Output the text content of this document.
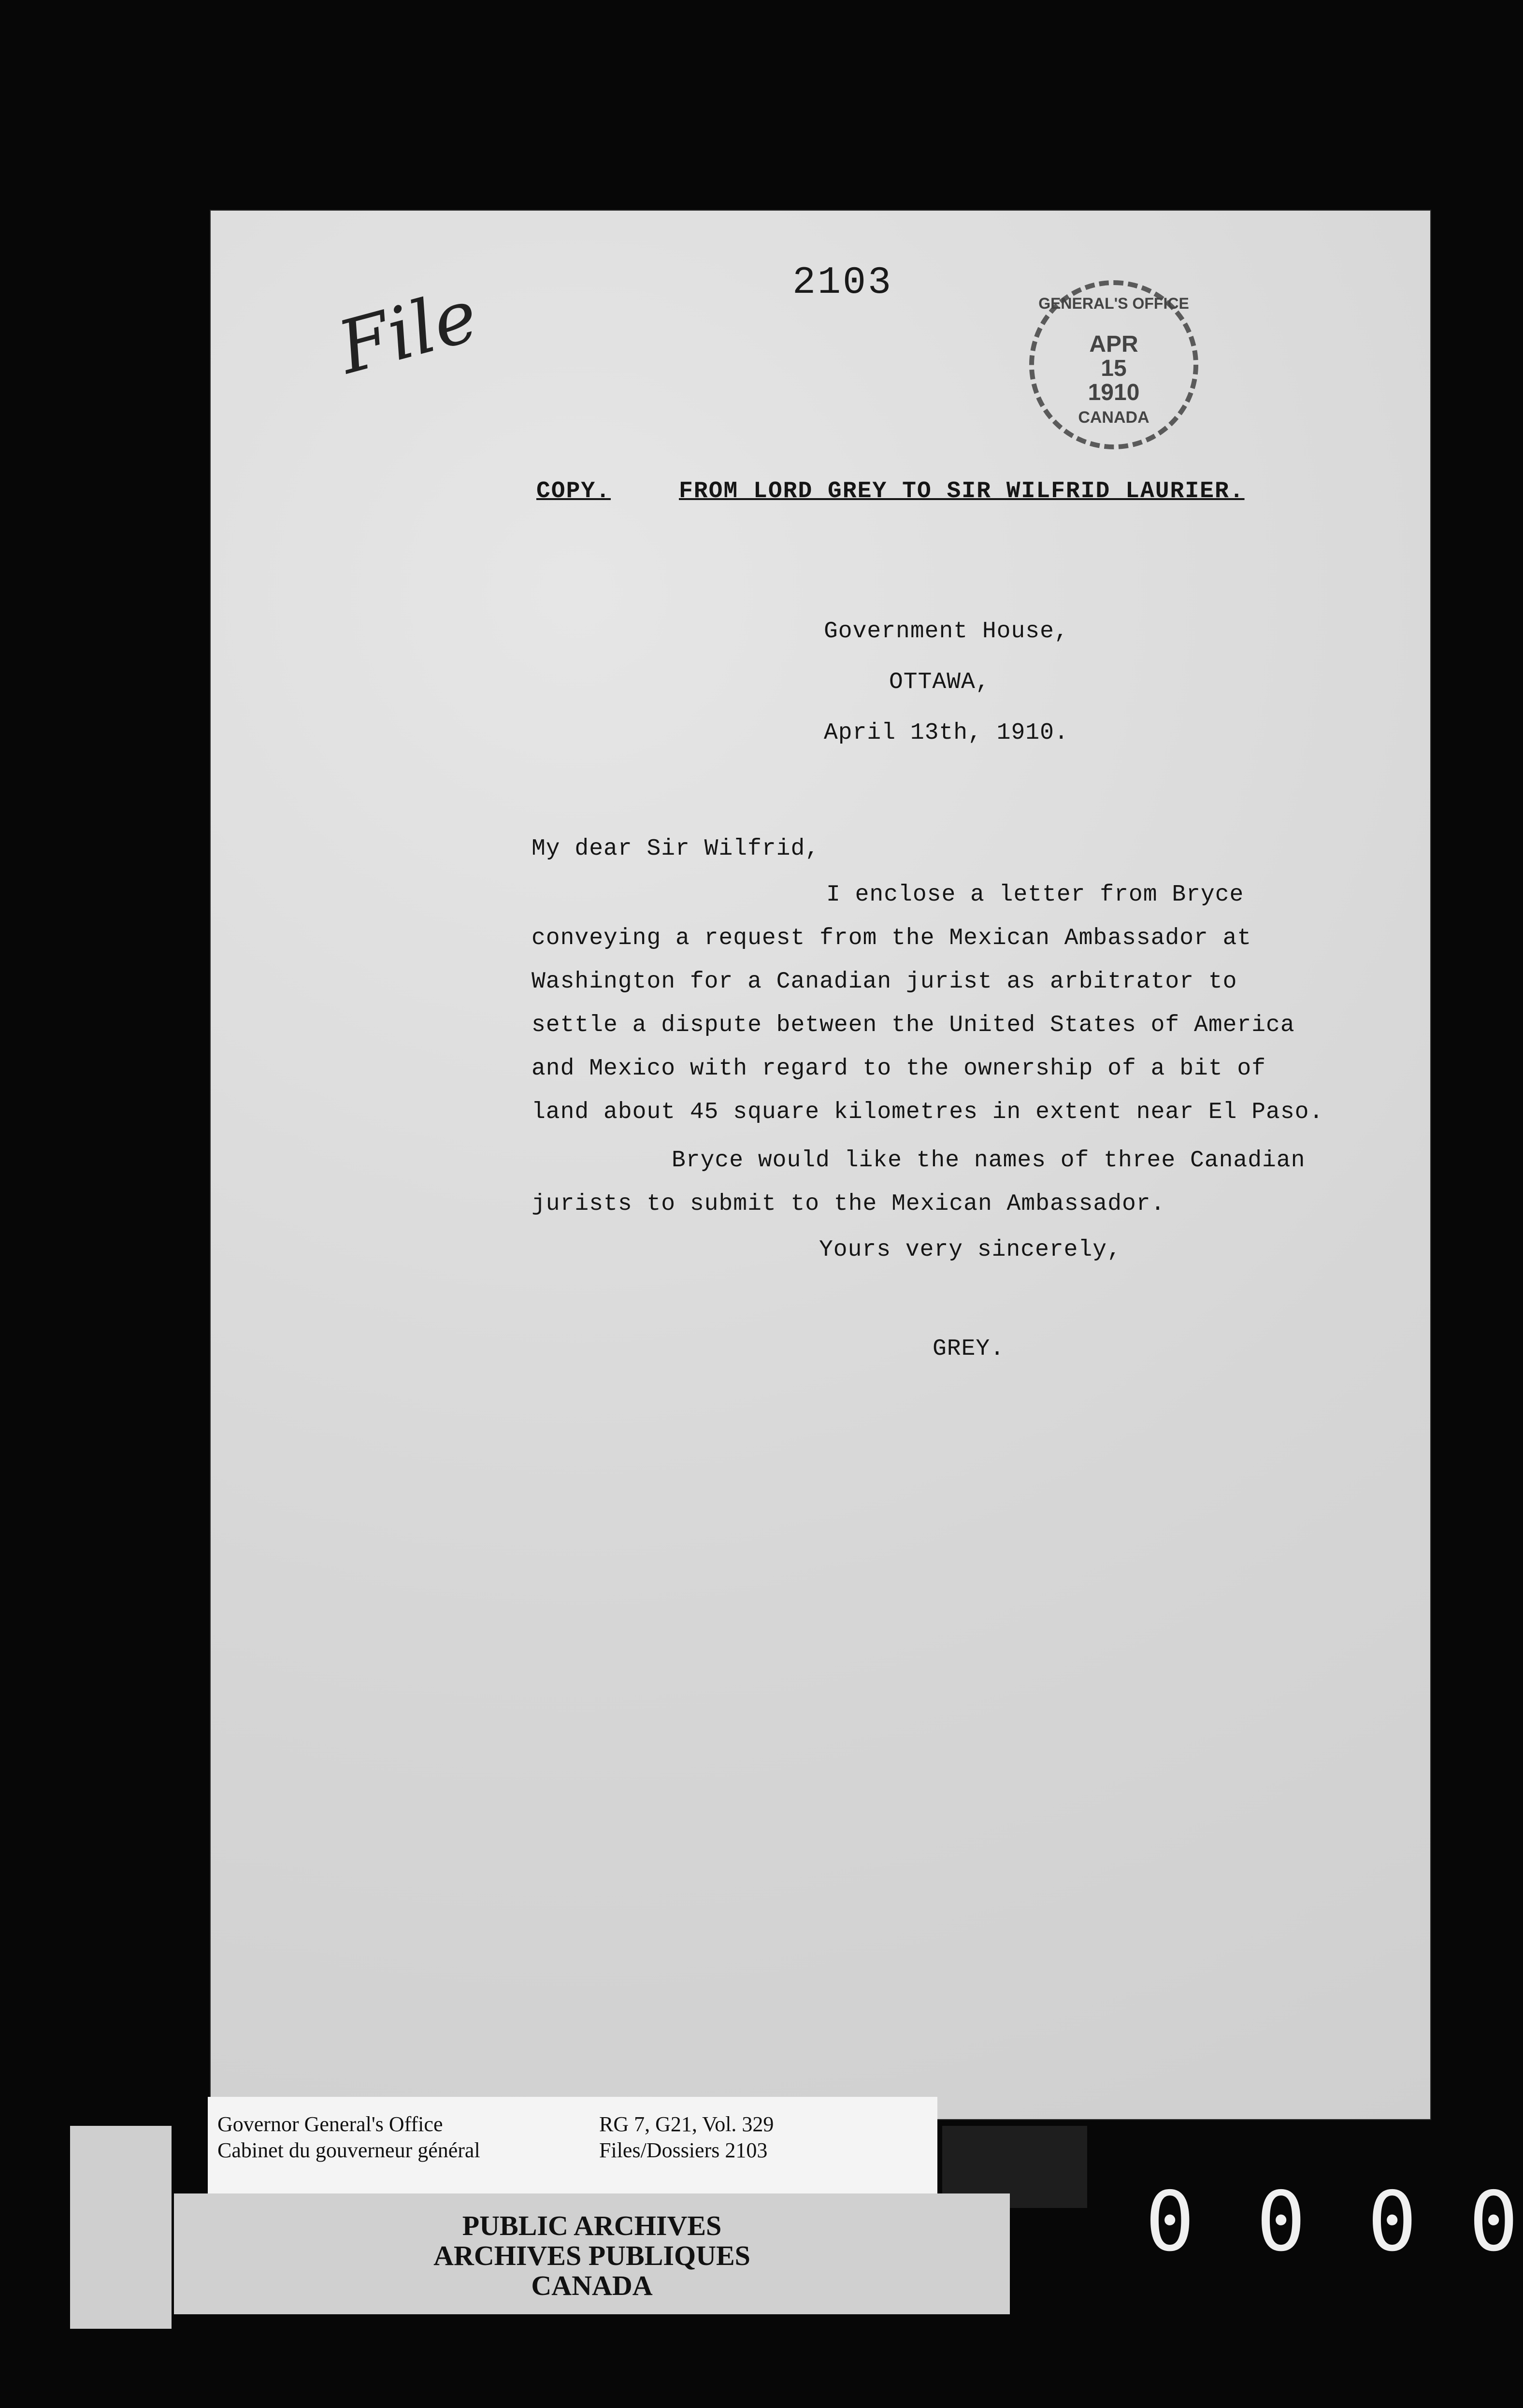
2103
File	GENERAL'S OFFICE
APR
15
1910
CANADA
COPY.	FROM LORD GREY TO SIR WILFRID LAURIER.
Government House,
OTTAWA,
April 13th, 1910.
My dear Sir Wilfrid,
I enclose a letter from Bryce
conveying a request from the Mexican Ambassador at
Washington for a Canadian jurist as arbitrator to
settle a dispute between the United States of America
and Mexico with regard to the ownership of a bit of
land about 45 square kilometres in extent near El Paso.
Bryce would like the names of three Canadian
jurists to submit to the Mexican Ambassador.
Yours very sincerely,
GREY.
Governor General's Office
Cabinet du gouverneur général
RG 7, G21, Vol. 329
Files/Dossiers 2103
PUBLIC ARCHIVES
ARCHIVES PUBLIQUES
CANADA
0 0 0 0
